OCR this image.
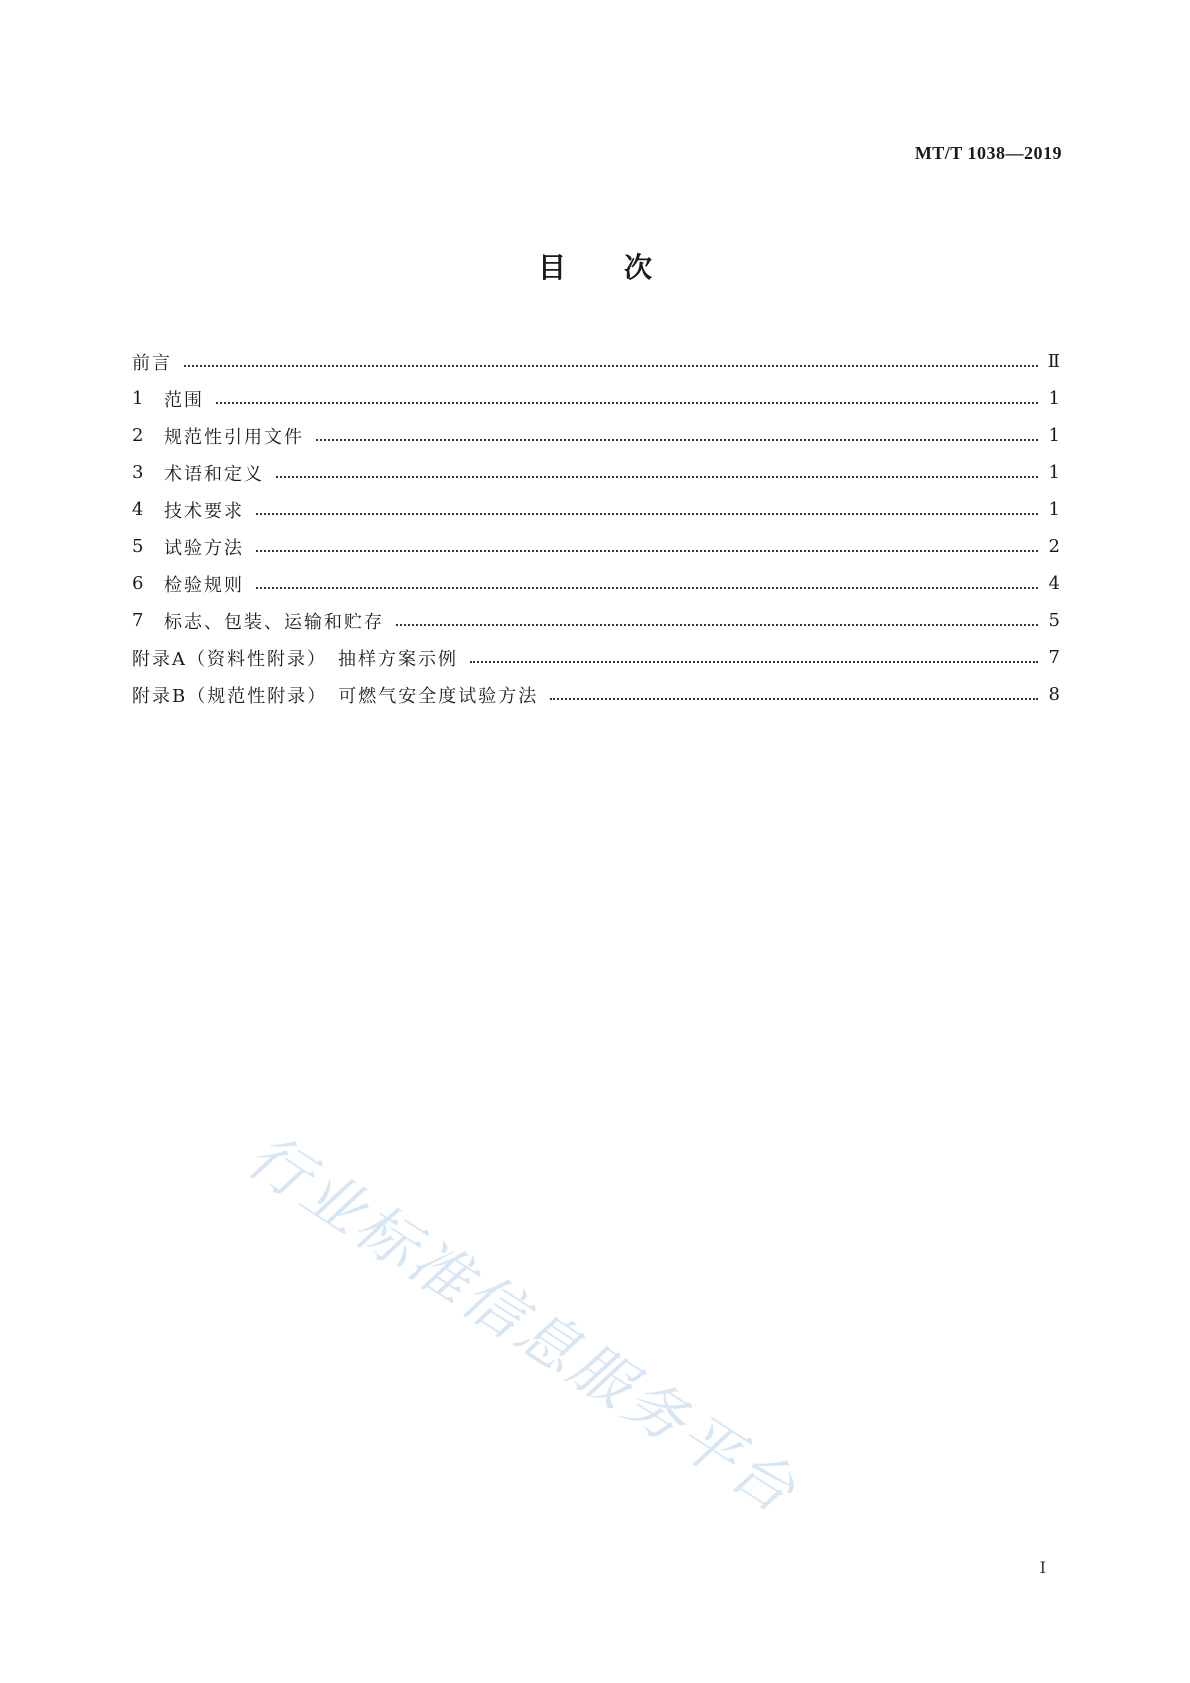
MT/T 1038—2019
目次
前言	Ⅱ
1	范围	1
2	规范性引用文件	1
3	术语和定义	1
4	技术要求	1
5	试验方法	2
6	检验规则	4
7	标志、包装、运输和贮存	5
附录A（资料性附录）　抽样方案示例	7
附录B（规范性附录）　可燃气安全度试验方法	8
行业标准信息服务平台
I
